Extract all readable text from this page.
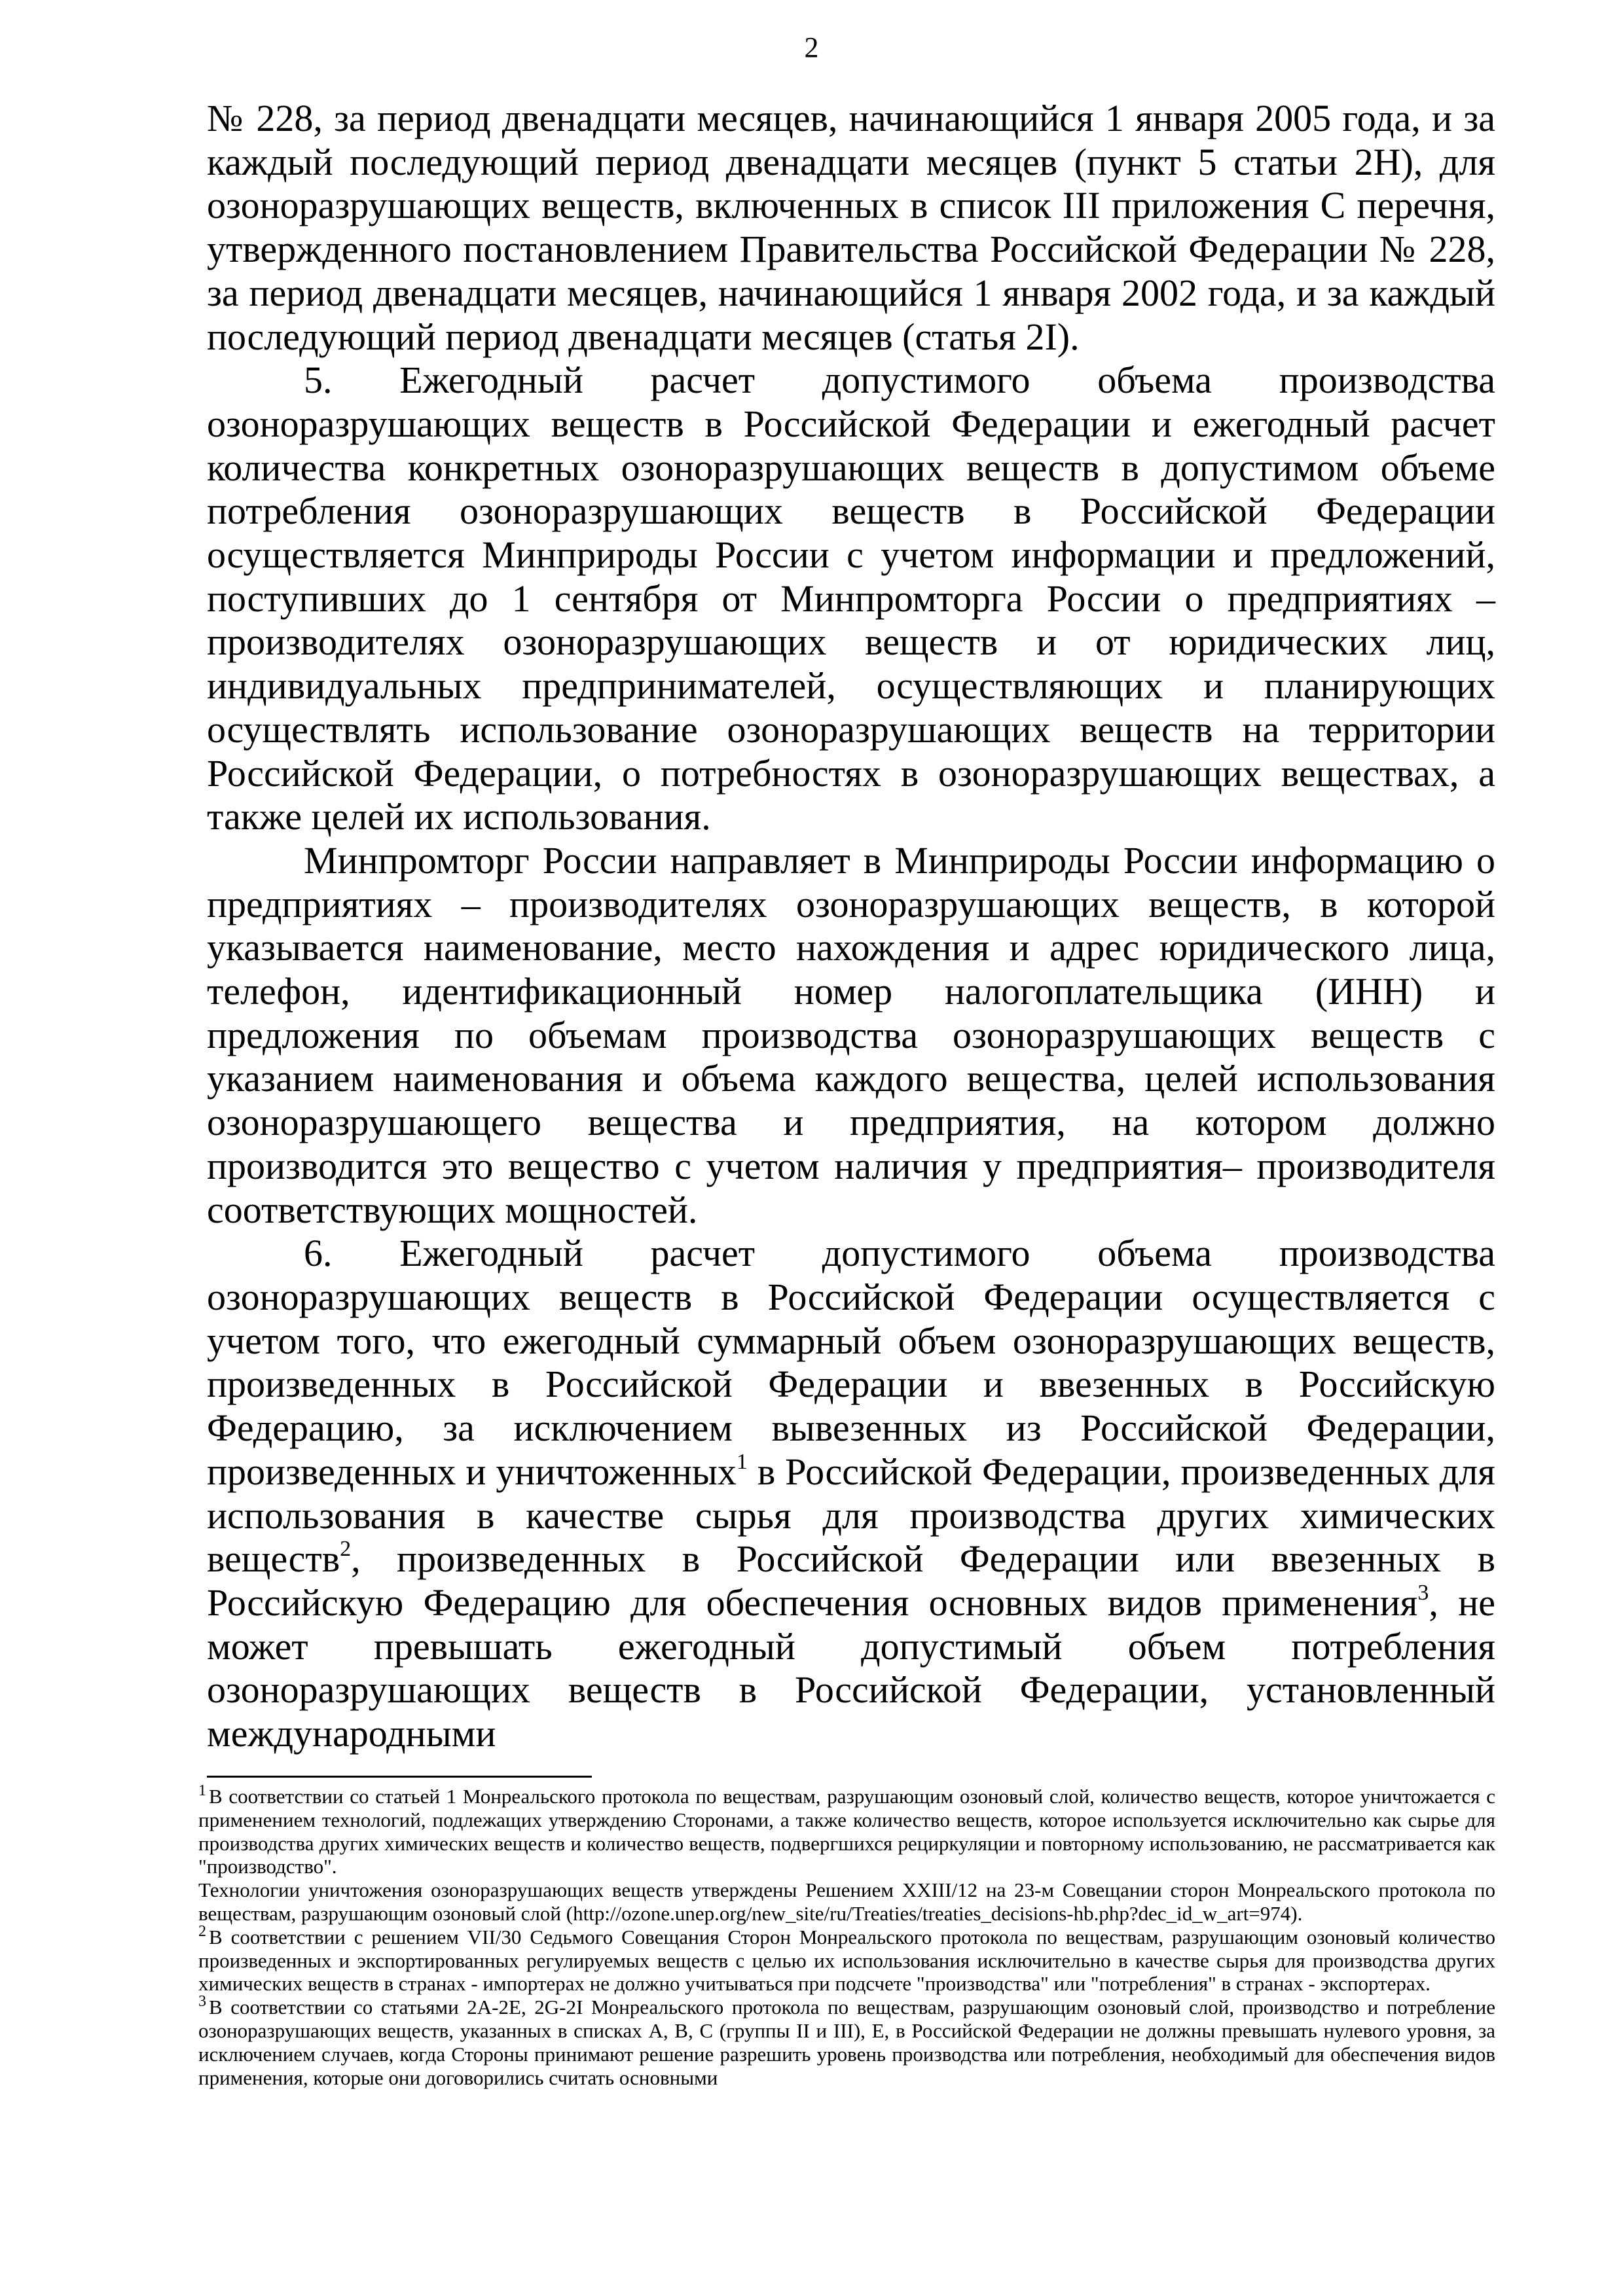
2

№ 228, за период двенадцати месяцев, начинающийся 1 января 2005 года, и за каждый последующий период двенадцати месяцев (пункт 5 статьи 2Н), для озоноразрушающих веществ, включенных в список III приложения С перечня, утвержденного постановлением Правительства Российской Федерации № 228, за период двенадцати месяцев, начинающийся 1 января 2002 года, и за каждый последующий период двенадцати месяцев (статья 2I).

5. Ежегодный расчет допустимого объема производства озоноразрушающих веществ в Российской Федерации и ежегодный расчет количества конкретных озоноразрушающих веществ в допустимом объеме потребления озоноразрушающих веществ в Российской Федерации осуществляется Минприроды России с учетом информации и предложений, поступивших до 1 сентября от Минпромторга России о предприятиях – производителях озоноразрушающих веществ и от юридических лиц, индивидуальных предпринимателей, осуществляющих и планирующих осуществлять использование озоноразрушающих веществ на территории Российской Федерации, о потребностях в озоноразрушающих веществах, а также целей их использования.

Минпромторг России направляет в Минприроды России информацию о предприятиях – производителях озоноразрушающих веществ, в которой указывается наименование, место нахождения и адрес юридического лица, телефон, идентификационный номер налогоплательщика (ИНН) и предложения по объемам производства озоноразрушающих веществ с указанием наименования и объема каждого вещества, целей использования озоноразрушающего вещества и предприятия, на котором должно производится это вещество с учетом наличия у предприятия– производителя соответствующих мощностей.

6. Ежегодный расчет допустимого объема производства озоноразрушающих веществ в Российской Федерации осуществляется с учетом того, что ежегодный суммарный объем озоноразрушающих веществ, произведенных в Российской Федерации и ввезенных в Российскую Федерацию, за исключением вывезенных из Российской Федерации, произведенных и уничтоженных$^1$ в Российской Федерации, произведенных для использования в качестве сырья для производства других химических веществ$^2$, произведенных в Российской Федерации или ввезенных в Российскую Федерацию для обеспечения основных видов применения$^3$, не может превышать ежегодный допустимый объем потребления озоноразрушающих веществ в Российской Федерации, установленный международными

$^1$ В соответствии со статьей 1 Монреальского протокола по веществам, разрушающим озоновый слой, количество веществ, которое уничтожается с применением технологий, подлежащих утверждению Сторонами, а также количество веществ, которое используется исключительно как сырье для производства других химических веществ и количество веществ, подвергшихся рециркуляции и повторному использованию, не рассматривается как "производство".

Технологии уничтожения озоноразрушающих веществ утверждены Решением XXIII/12 на 23-м Совещании сторон Монреальского протокола по веществам, разрушающим озоновый слой (http://ozone.unep.org/new_site/ru/Treaties/treaties_decisions-hb.php?dec_id_w_art=974).

$^2$ В соответствии с решением VII/30 Седьмого Совещания Сторон Монреальского протокола по веществам, разрушающим озоновый количество произведенных и экспортированных регулируемых веществ с целью их использования исключительно в качестве сырья для производства других химических веществ в странах - импортерах не должно учитываться при подсчете "производства" или "потребления" в странах - экспортерах.

$^3$ В соответствии со статьями 2А-2Е, 2G-2I Монреальского протокола по веществам, разрушающим озоновый слой, производство и потребление озоноразрушающих веществ, указанных в списках А, В, С (группы II и III), Е, в Российской Федерации не должны превышать нулевого уровня, за исключением случаев, когда Стороны принимают решение разрешить уровень производства или потребления, необходимый для обеспечения видов применения, которые они договорились считать основными
